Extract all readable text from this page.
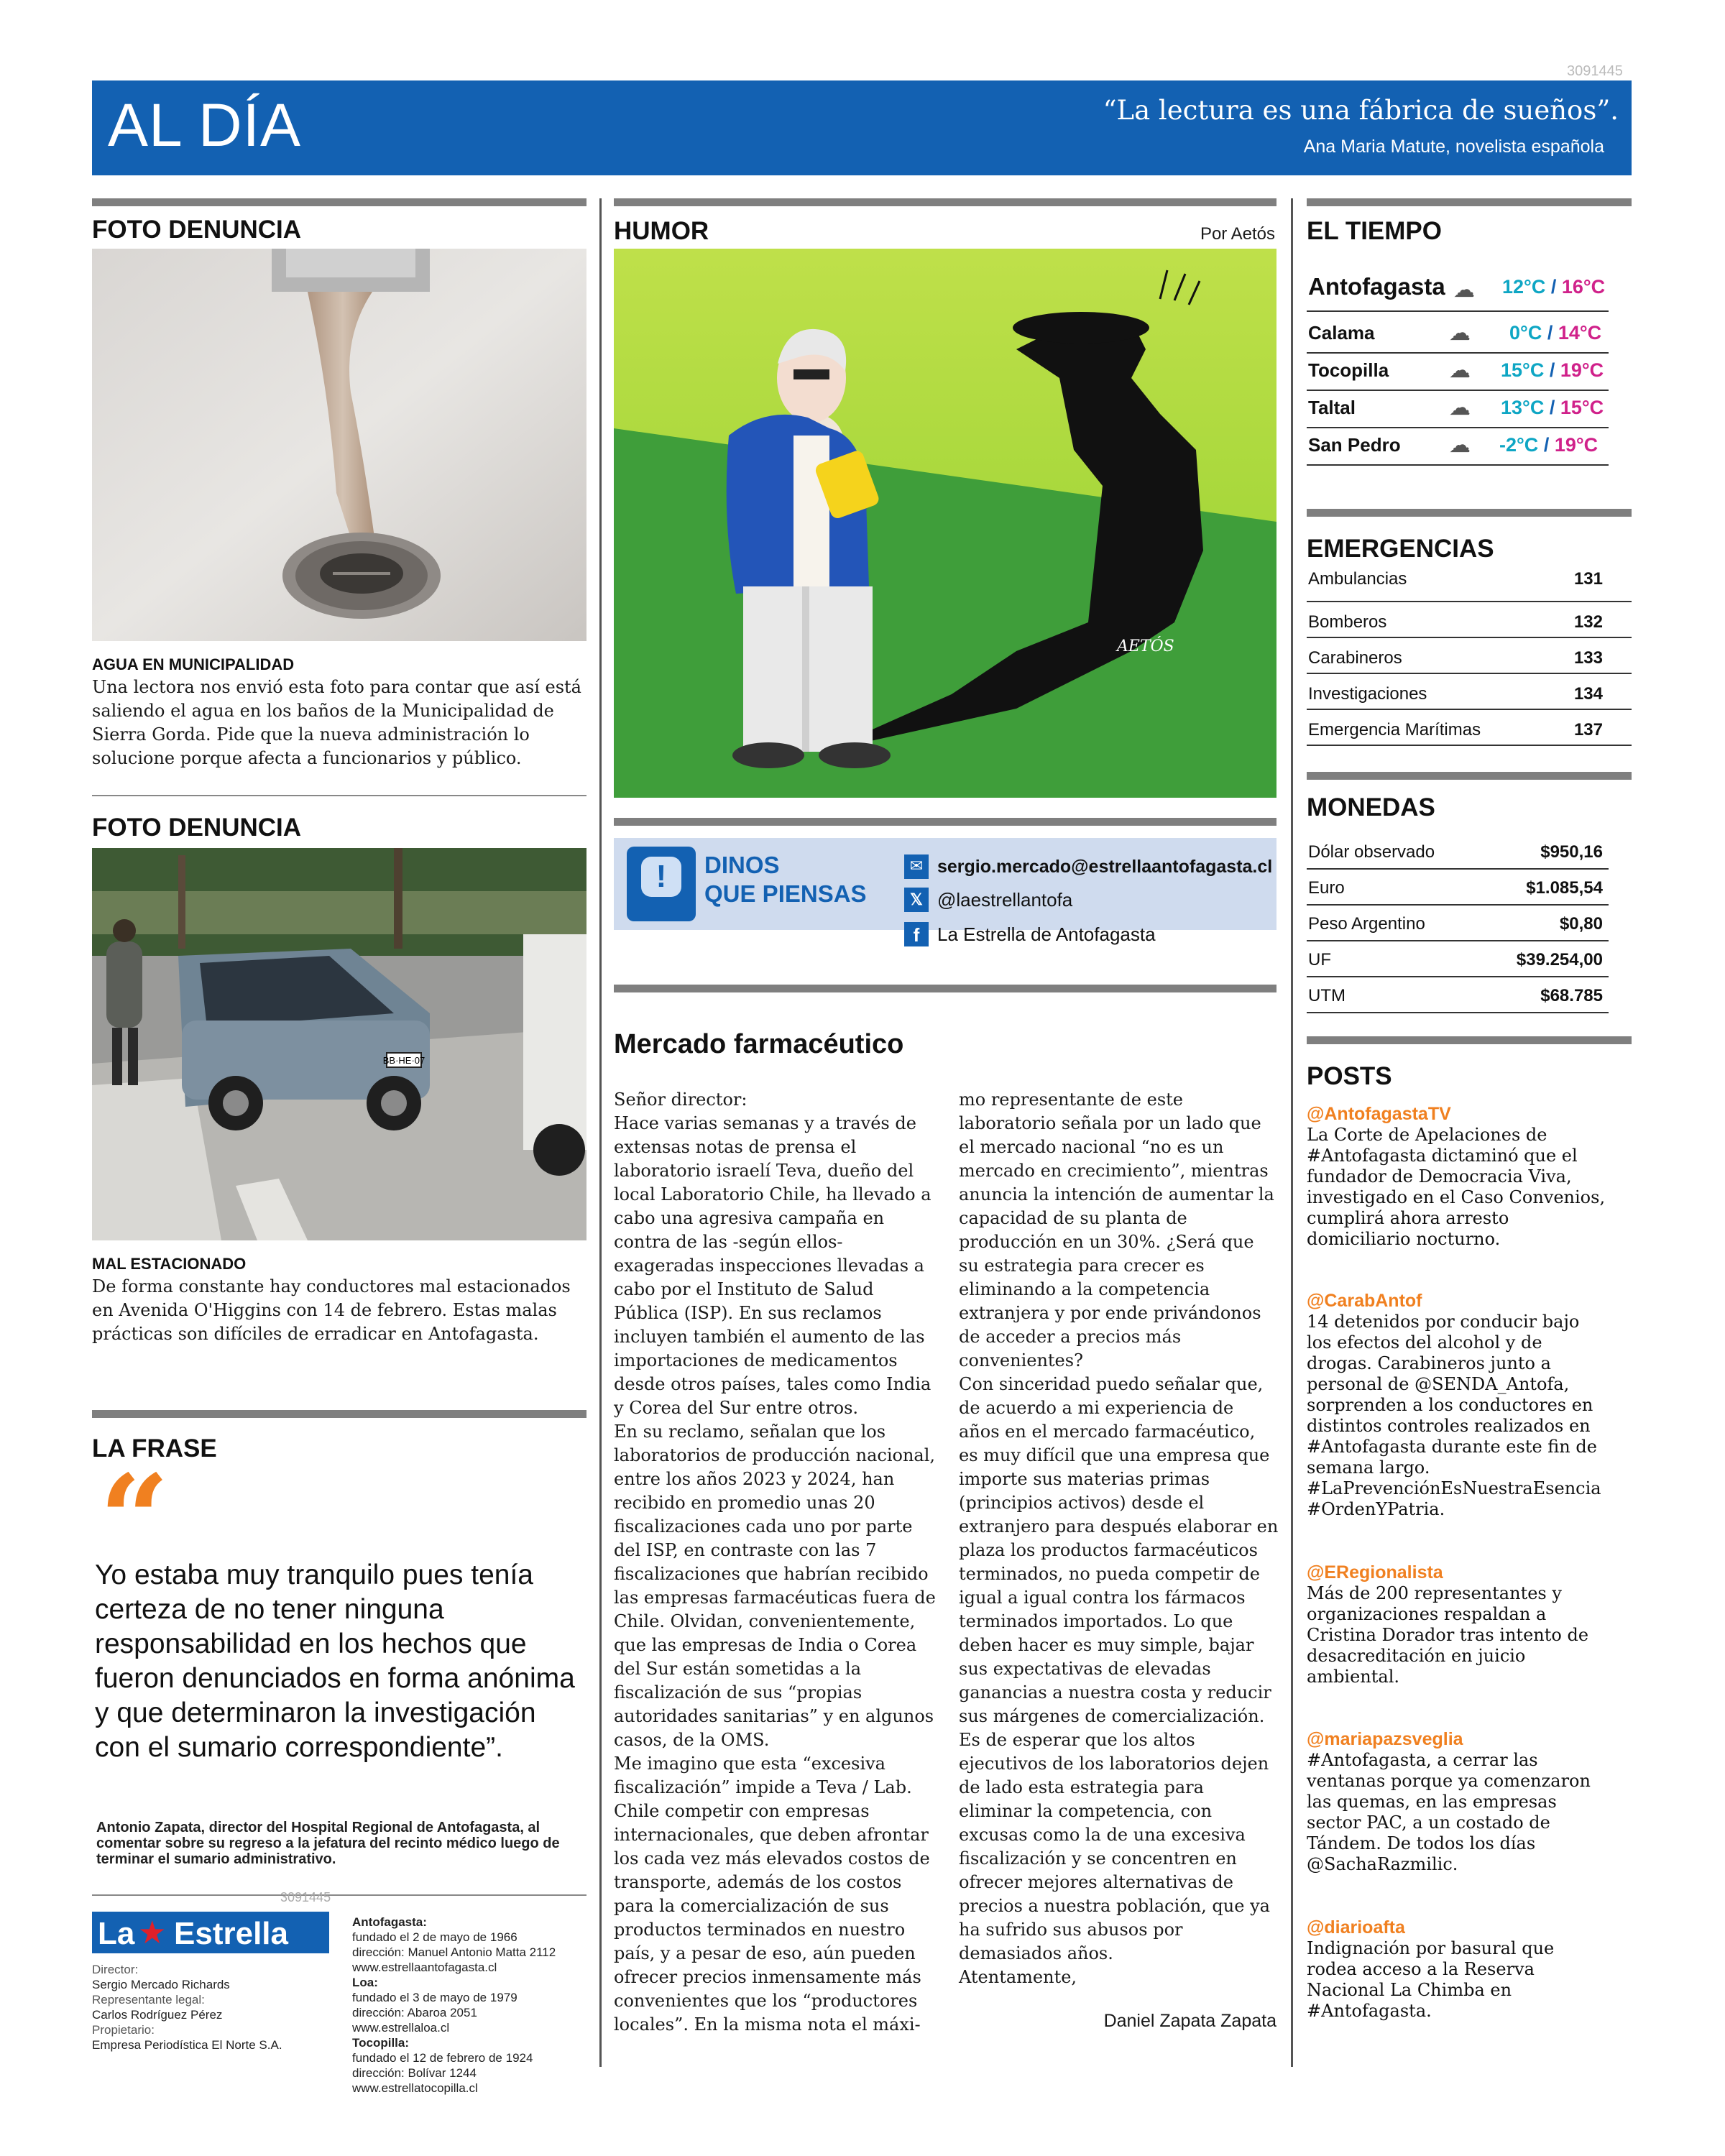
3091445
AL DÍA	“La lectura es una fábrica de sueños”.
Ana Maria Matute, novelista española
FOTO DENUNCIA
AGUA EN MUNICIPALIDAD
Una lectora nos envió esta foto para contar que así está saliendo el agua en los baños de la Municipalidad de Sierra Gorda. Pide que la nueva administración lo solucione porque afecta a funcionarios y público.
FOTO DENUNCIA
BB·HE·07
MAL ESTACIONADO
De forma constante hay conductores mal estacionados en Avenida O'Higgins con 14 de febrero. Estas malas prácticas son difíciles de erradicar en Antofagasta.
LA FRASE
“
Yo estaba muy tranquilo pues tenía certeza de no tener ninguna responsabilidad en los hechos que fueron denunciados en forma anónima y que determinaron la investigación con el sumario correspondiente”.
Antonio Zapata, director del Hospital Regional de Antofagasta, al comentar sobre su regreso a la jefatura del recinto médico luego de terminar el sumario administrativo.
La ★ Estrella
3091445
Director:
Sergio Mercado Richards
Representante legal:
Carlos Rodríguez Pérez
Propietario:
Empresa Periodística El Norte S.A.
Antofagasta:
fundado el 2 de mayo de 1966
dirección: Manuel Antonio Matta 2112
www.estrellaantofagasta.cl
Loa:
fundado el 3 de mayo de 1979
dirección: Abaroa 2051
www.estrellaloa.cl
Tocopilla:
fundado el 12 de febrero de 1924
dirección: Bolívar 1244
www.estrellatocopilla.cl
HUMOR	Por Aetós
AETÓS
!	DINOS
QUE PIENSAS
✉ sergio.mercado@estrellaantofagasta.cl
𝕏 @laestrellantofa
f La Estrella de Antofagasta
Mercado farmacéutico
Señor director:
Hace varias semanas y a través de extensas notas de prensa el laboratorio israelí Teva, dueño del local Laboratorio Chile, ha llevado a cabo una agresiva campaña en contra de las -según ellos- exageradas inspecciones llevadas a cabo por el Instituto de Salud Pública (ISP). En sus reclamos incluyen también el aumento de las importaciones de medicamentos desde otros países, tales como India y Corea del Sur entre otros.
En su reclamo, señalan que los laboratorios de producción nacional, entre los años 2023 y 2024, han recibido en promedio unas 20 fiscalizaciones cada uno por parte del ISP, en contraste con las 7 fiscalizaciones que habrían recibido las empresas farmacéuticas fuera de Chile. Olvidan, convenientemente, que las empresas de India o Corea del Sur están sometidas a la fiscalización de sus “propias autoridades sanitarias” y en algunos casos, de la OMS.
Me imagino que esta “excesiva fiscalización” impide a Teva / Lab. Chile competir con empresas internacionales, que deben afrontar los cada vez más elevados costos de transporte, además de los costos para la comercialización de sus productos terminados en nuestro país, y a pesar de eso, aún pueden ofrecer precios inmensamente más convenientes que los “productores locales”. En la misma nota el máxi-
mo representante de este laboratorio señala por un lado que el mercado nacional “no es un mercado en crecimiento”, mientras anuncia la intención de aumentar la capacidad de su planta de producción en un 30%. ¿Será que su estrategia para crecer es eliminando a la competencia extranjera y por ende privándonos de acceder a precios más convenientes?
Con sinceridad puedo señalar que, de acuerdo a mi experiencia de años en el mercado farmacéutico, es muy difícil que una empresa que importe sus materias primas (principios activos) desde el extranjero para después elaborar en plaza los productos farmacéuticos terminados, no pueda competir de igual a igual contra los fármacos terminados importados. Lo que deben hacer es muy simple, bajar sus expectativas de elevadas ganancias a nuestra costa y reducir sus márgenes de comercialización.
Es de esperar que los altos ejecutivos de los laboratorios dejen de lado esta estrategia para eliminar la competencia, con excusas como la de una excesiva fiscalización y se concentren en ofrecer mejores alternativas de precios a nuestra población, que ya ha sufrido sus abusos por demasiados años.
Atentamente,
Daniel Zapata Zapata
EL TIEMPO
Antofagasta ☁ 12°C / 16°C
Calama	☁ 0°C / 14°C
Tocopilla	☁ 15°C / 19°C
Taltal	☁ 13°C / 15°C
San Pedro ☁ -2°C / 19°C
EMERGENCIAS
Ambulancias	131
Bomberos	132
Carabineros	133
Investigaciones	134
Emergencia Marítimas	137
MONEDAS
Dólar observado	$950,16
Euro	$1.085,54
Peso Argentino	$0,80
UF	$39.254,00
UTM	$68.785
POSTS
@AntofagastaTV
La Corte de Apelaciones de #Antofagasta dictaminó que el fundador de Democracia Viva, investigado en el Caso Convenios, cumplirá ahora arresto domiciliario nocturno.
@CarabAntof
14 detenidos por conducir bajo los efectos del alcohol y de drogas. Carabineros junto a personal de @SENDA_Antofa, sorprenden a los conductores en distintos controles realizados en #Antofagasta durante este fin de semana largo. #LaPrevenciónEsNuestraEsencia #OrdenYPatria.
@ERegionalista
Más de 200 representantes y organizaciones respaldan a Cristina Dorador tras intento de desacreditación en juicio ambiental.
@mariapazsveglia
#Antofagasta, a cerrar las ventanas porque ya comenzaron las quemas, en las empresas sector PAC, a un costado de Tándem. De todos los días @SachaRazmilic.
@diarioafta
Indignación por basural que rodea acceso a la Reserva Nacional La Chimba en #Antofagasta.
